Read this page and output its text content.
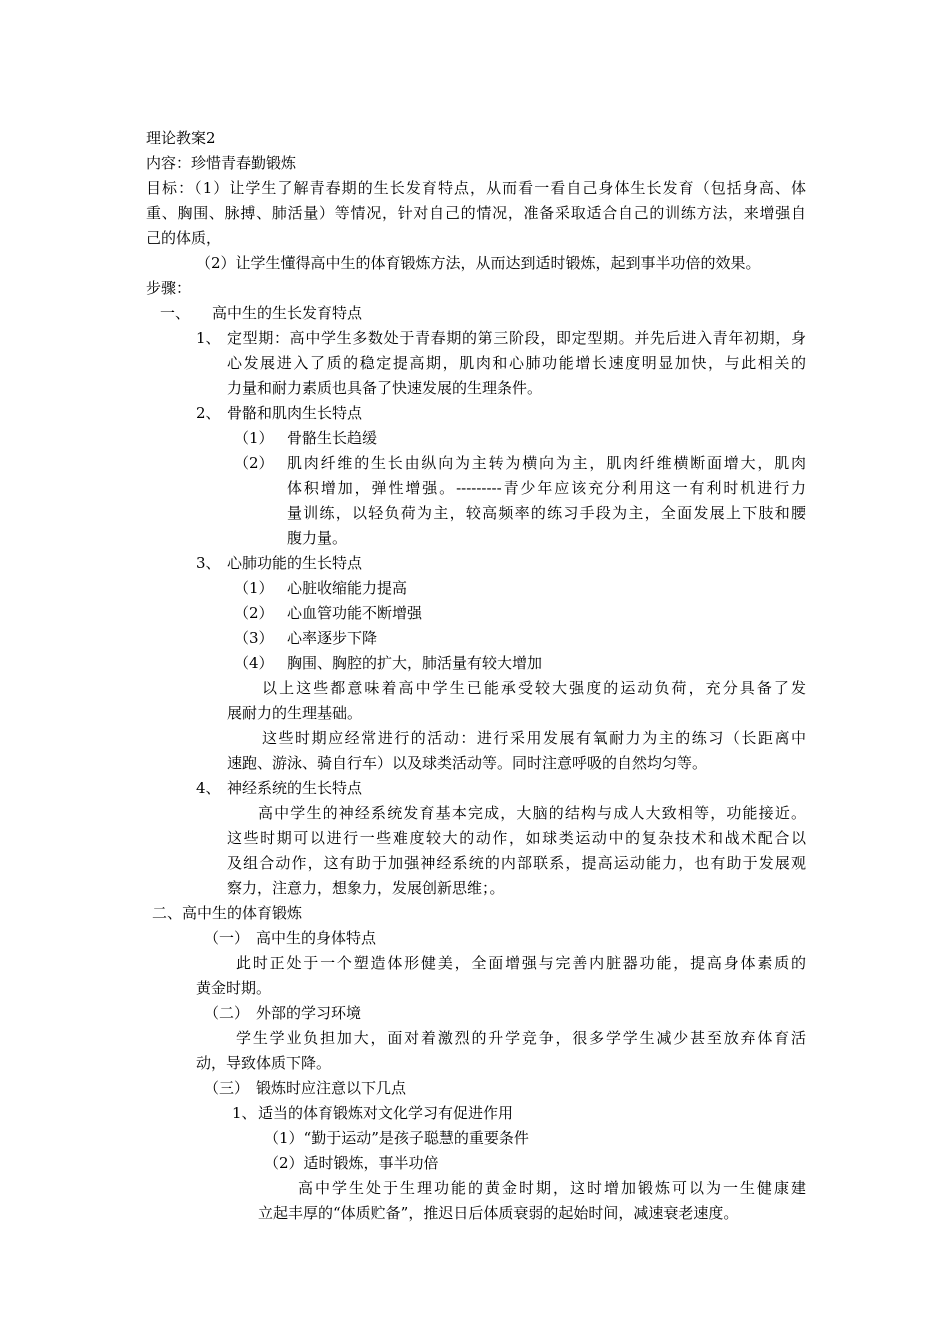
理论教案2
内容：珍惜青春勤锻炼
目标：（1）让学生了解青春期的生长发育特点，从而看一看自己身体生长发育（包括身高、体
重、胸围、脉搏、肺活量）等情况，针对自己的情况，准备采取适合自己的训练方法，来增强自
己的体质，
（2）让学生懂得高中生的体育锻炼方法，从而达到适时锻炼，起到事半功倍的效果。
步骤：
一、 高中生的生长发育特点
1、 定型期：高中学生多数处于青春期的第三阶段，即定型期。并先后进入青年初期，身
心发展进入了质的稳定提高期，肌肉和心肺功能增长速度明显加快，与此相关的
力量和耐力素质也具备了快速发展的生理条件。
2、 骨骼和肌肉生长特点
（1） 骨骼生长趋缓
（2） 肌肉纤维的生长由纵向为主转为横向为主，肌肉纤维横断面增大，肌肉
体积增加，弹性增强。---------青少年应该充分利用这一有利时机进行力
量训练，以轻负荷为主，较高频率的练习手段为主，全面发展上下肢和腰
腹力量。
3、 心肺功能的生长特点
（1） 心脏收缩能力提高
（2） 心血管功能不断增强
（3） 心率逐步下降
（4） 胸围、胸腔的扩大，肺活量有较大增加
以上这些都意味着高中学生已能承受较大强度的运动负荷，充分具备了发
展耐力的生理基础。
这些时期应经常进行的活动：进行采用发展有氧耐力为主的练习（长距离中
速跑、游泳、骑自行车）以及球类活动等。同时注意呼吸的自然均匀等。
4、 神经系统的生长特点
高中学生的神经系统发育基本完成，大脑的结构与成人大致相等，功能接近。
这些时期可以进行一些难度较大的动作，如球类运动中的复杂技术和战术配合以
及组合动作，这有助于加强神经系统的内部联系，提高运动能力，也有助于发展观
察力，注意力，想象力，发展创新思维；。
二、高中生的体育锻炼
（一） 高中生的身体特点
此时正处于一个塑造体形健美，全面增强与完善内脏器功能，提高身体素质的
黄金时期。
（二） 外部的学习环境
学生学业负担加大，面对着激烈的升学竞争，很多学学生减少甚至放弃体育活
动，导致体质下降。
（三） 锻炼时应注意以下几点
1、 适当的体育锻炼对文化学习有促进作用
（1）“勤于运动”是孩子聪慧的重要条件
（2）适时锻炼，事半功倍
高中学生处于生理功能的黄金时期，这时增加锻炼可以为一生健康建
立起丰厚的“体质贮备”，推迟日后体质衰弱的起始时间，减速衰老速度。
